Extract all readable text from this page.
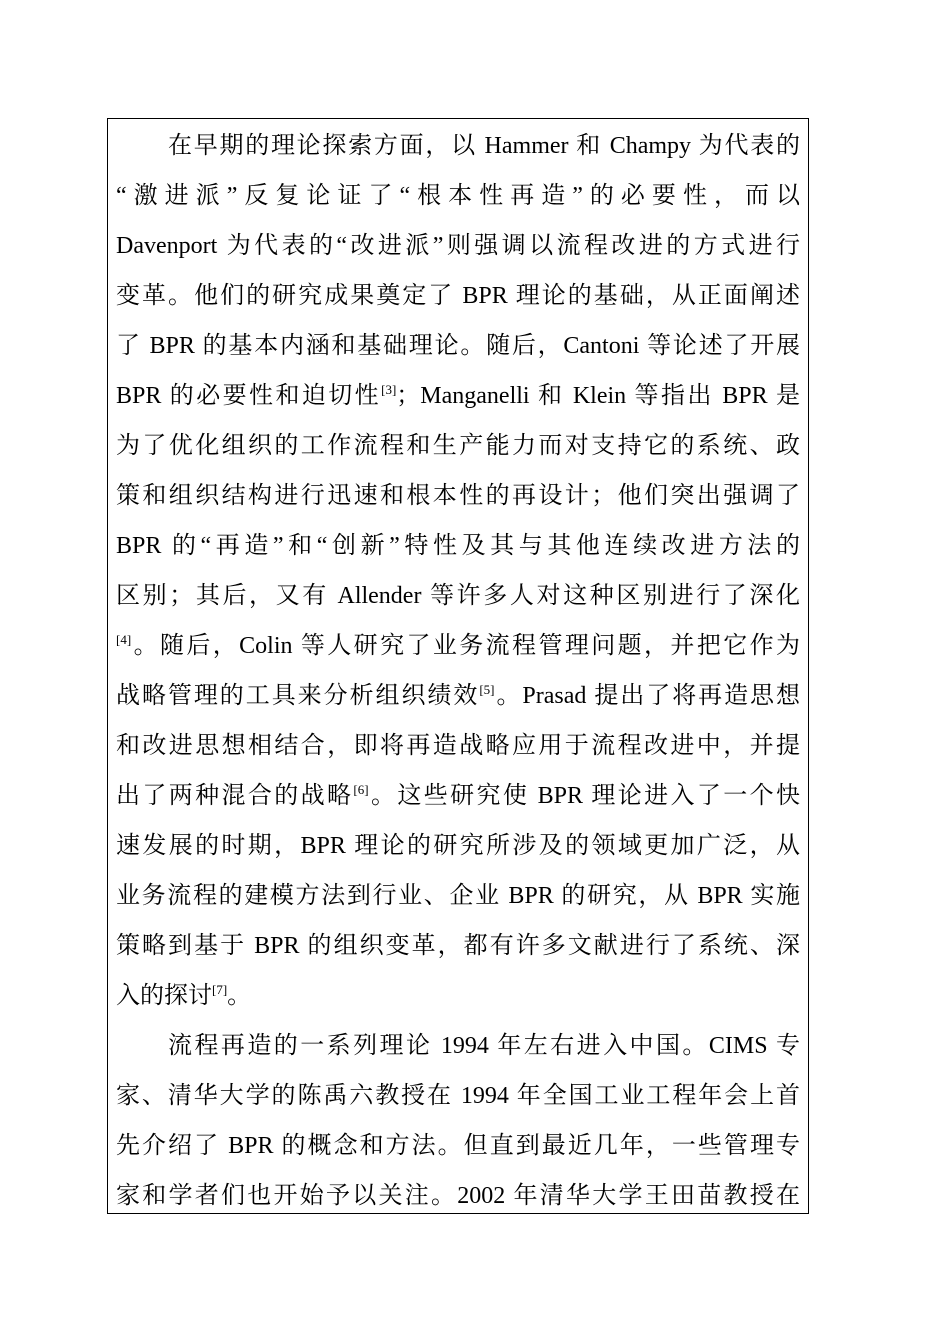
在早期的理论探索方面，以 Hammer 和 Champy 为代表的
“激进派”反复论证了“根本性再造”的必要性，而以
Davenport 为代表的“改进派”则强调以流程改进的方式进行
变革。他们的研究成果奠定了 BPR 理论的基础，从正面阐述
了 BPR 的基本内涵和基础理论。随后，Cantoni 等论述了开展
BPR 的必要性和迫切性[3]；Manganelli 和 Klein 等指出 BPR 是
为了优化组织的工作流程和生产能力而对支持它的系统、政
策和组织结构进行迅速和根本性的再设计；他们突出强调了
BPR 的“再造”和“创新”特性及其与其他连续改进方法的
区别；其后，又有 Allender 等许多人对这种区别进行了深化
[4]。随后，Colin 等人研究了业务流程管理问题，并把它作为
战略管理的工具来分析组织绩效[5]。Prasad 提出了将再造思想
和改进思想相结合，即将再造战略应用于流程改进中，并提
出了两种混合的战略[6]。这些研究使 BPR 理论进入了一个快
速发展的时期，BPR 理论的研究所涉及的领域更加广泛，从
业务流程的建模方法到行业、企业 BPR 的研究，从 BPR 实施
策略到基于 BPR 的组织变革，都有许多文献进行了系统、深
入的探讨[7]。
流程再造的一系列理论 1994 年左右进入中国。CIMS 专
家、清华大学的陈禹六教授在 1994 年全国工业工程年会上首
先介绍了 BPR 的概念和方法。但直到最近几年，一些管理专
家和学者们也开始予以关注。2002 年清华大学王田苗教授在
